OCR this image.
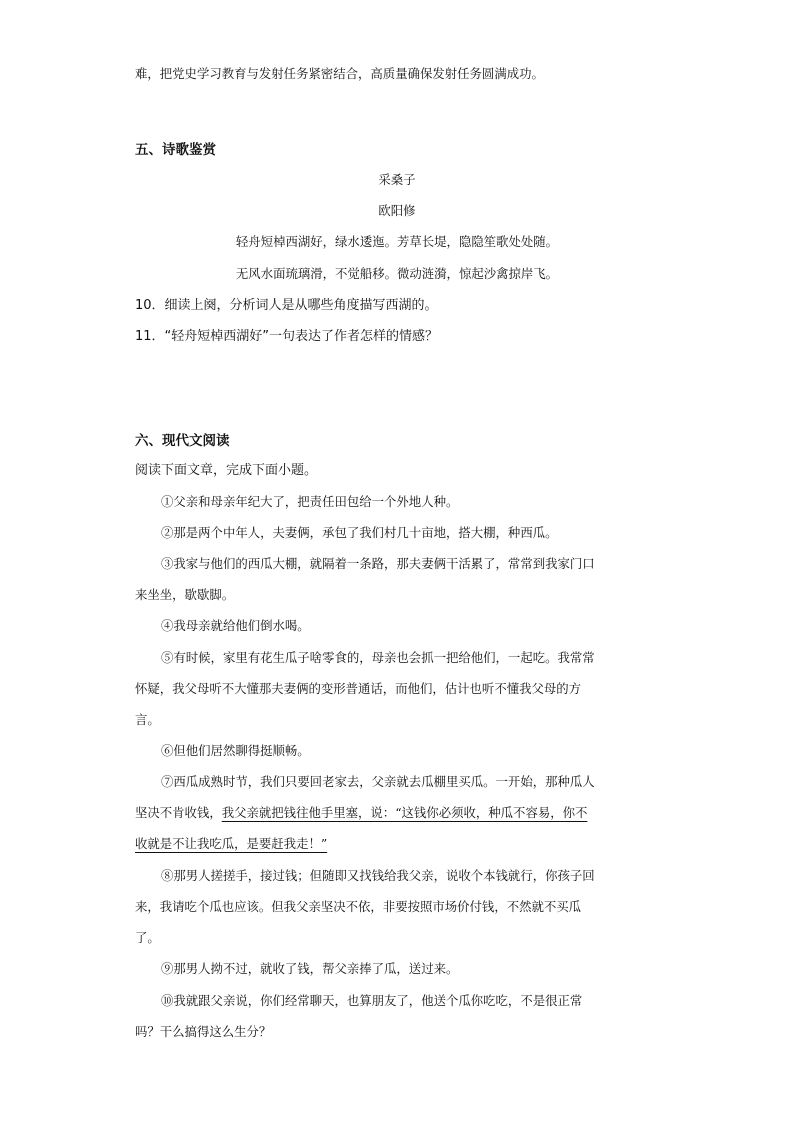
难，把党史学习教育与发射任务紧密结合，高质量确保发射任务圆满成功。
五、诗歌鉴赏
采桑子
欧阳修
轻舟短棹西湖好，绿水逶迤。芳草长堤，隐隐笙歌处处随。
无风水面琉璃滑，不觉船移。微动涟漪，惊起沙禽掠岸飞。
10．细读上阕，分析词人是从哪些角度描写西湖的。
11．“轻舟短棹西湖好”一句表达了作者怎样的情感？
六、现代文阅读
阅读下面文章，完成下面小题。
①父亲和母亲年纪大了，把责任田包给一个外地人种。
②那是两个中年人，夫妻俩，承包了我们村几十亩地，搭大棚，种西瓜。
③我家与他们的西瓜大棚，就隔着一条路，那夫妻俩干活累了，常常到我家门口
来坐坐，歇歇脚。
④我母亲就给他们倒水喝。
⑤有时候，家里有花生瓜子啥零食的，母亲也会抓一把给他们，一起吃。我常常
怀疑，我父母听不大懂那夫妻俩的变形普通话，而他们，估计也听不懂我父母的方
言。
⑥但他们居然聊得挺顺畅。
⑦西瓜成熟时节，我们只要回老家去，父亲就去瓜棚里买瓜。一开始，那种瓜人
坚决不肯收钱，我父亲就把钱往他手里塞，说：“这钱你必须收，种瓜不容易，你不
收就是不让我吃瓜，是要赶我走！”
⑧那男人搓搓手，接过钱；但随即又找钱给我父亲，说收个本钱就行，你孩子回
来，我请吃个瓜也应该。但我父亲坚决不依，非要按照市场价付钱，不然就不买瓜
了。
⑨那男人拗不过，就收了钱，帮父亲捧了瓜，送过来。
⑩我就跟父亲说，你们经常聊天，也算朋友了，他送个瓜你吃吃，不是很正常
吗？干么搞得这么生分？
